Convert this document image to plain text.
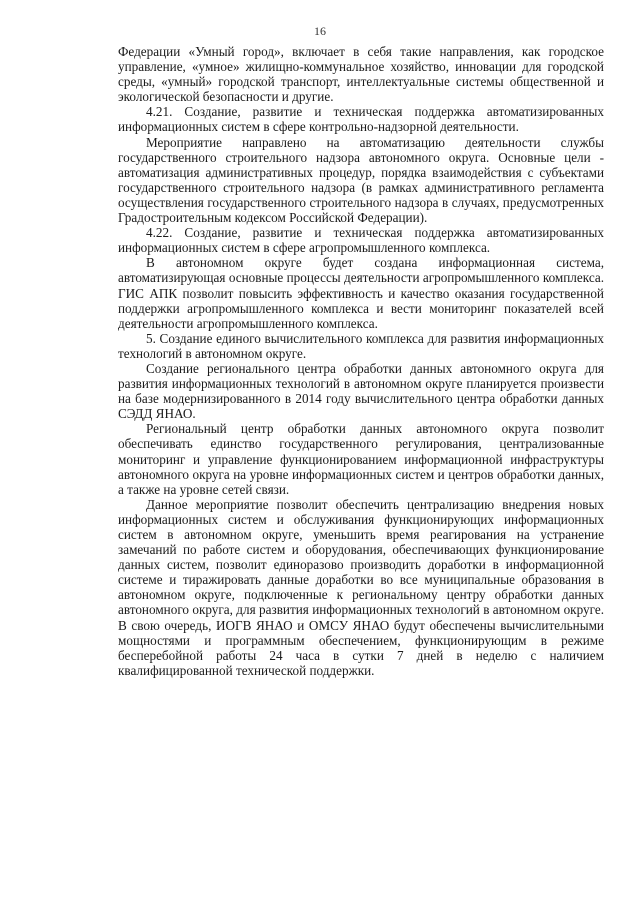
16

Федерации «Умный город», включает в себя такие направления, как городское управление, «умное» жилищно-коммунальное хозяйство, инновации для городской среды, «умный» городской транспорт, интеллектуальные системы общественной и экологической безопасности и другие.

4.21. Создание, развитие и техническая поддержка автоматизированных информационных систем в сфере контрольно-надзорной деятельности.

Мероприятие направлено на автоматизацию деятельности службы государственного строительного надзора автономного округа. Основные цели - автоматизация административных процедур, порядка взаимодействия с субъектами государственного строительного надзора (в рамках административного регламента осуществления государственного строительного надзора в случаях, предусмотренных Градостроительным кодексом Российской Федерации).

4.22. Создание, развитие и техническая поддержка автоматизированных информационных систем в сфере агропромышленного комплекса.

В автономном округе будет создана информационная система, автоматизирующая основные процессы деятельности агропромышленного комплекса. ГИС АПК позволит повысить эффективность и качество оказания государственной поддержки агропромышленного комплекса и вести мониторинг показателей всей деятельности агропромышленного комплекса.

5. Создание единого вычислительного комплекса для развития информационных технологий в автономном округе.

Создание регионального центра обработки данных автономного округа для развития информационных технологий в автономном округе планируется произвести на базе модернизированного в 2014 году вычислительного центра обработки данных СЭДД ЯНАО.

Региональный центр обработки данных автономного округа позволит обеспечивать единство государственного регулирования, централизованные мониторинг и управление функционированием информационной инфраструктуры автономного округа на уровне информационных систем и центров обработки данных, а также на уровне сетей связи.

Данное мероприятие позволит обеспечить централизацию внедрения новых информационных систем и обслуживания функционирующих информационных систем в автономном округе, уменьшить время реагирования на устранение замечаний по работе систем и оборудования, обеспечивающих функционирование данных систем, позволит единоразово производить доработки в информационной системе и тиражировать данные доработки во все муниципальные образования в автономном округе, подключенные к региональному центру обработки данных автономного округа, для развития информационных технологий в автономном округе. В свою очередь, ИОГВ ЯНАО и ОМСУ ЯНАО будут обеспечены вычислительными мощностями и программным обеспечением, функционирующим в режиме бесперебойной работы 24 часа в сутки 7 дней в неделю с наличием квалифицированной технической поддержки.
